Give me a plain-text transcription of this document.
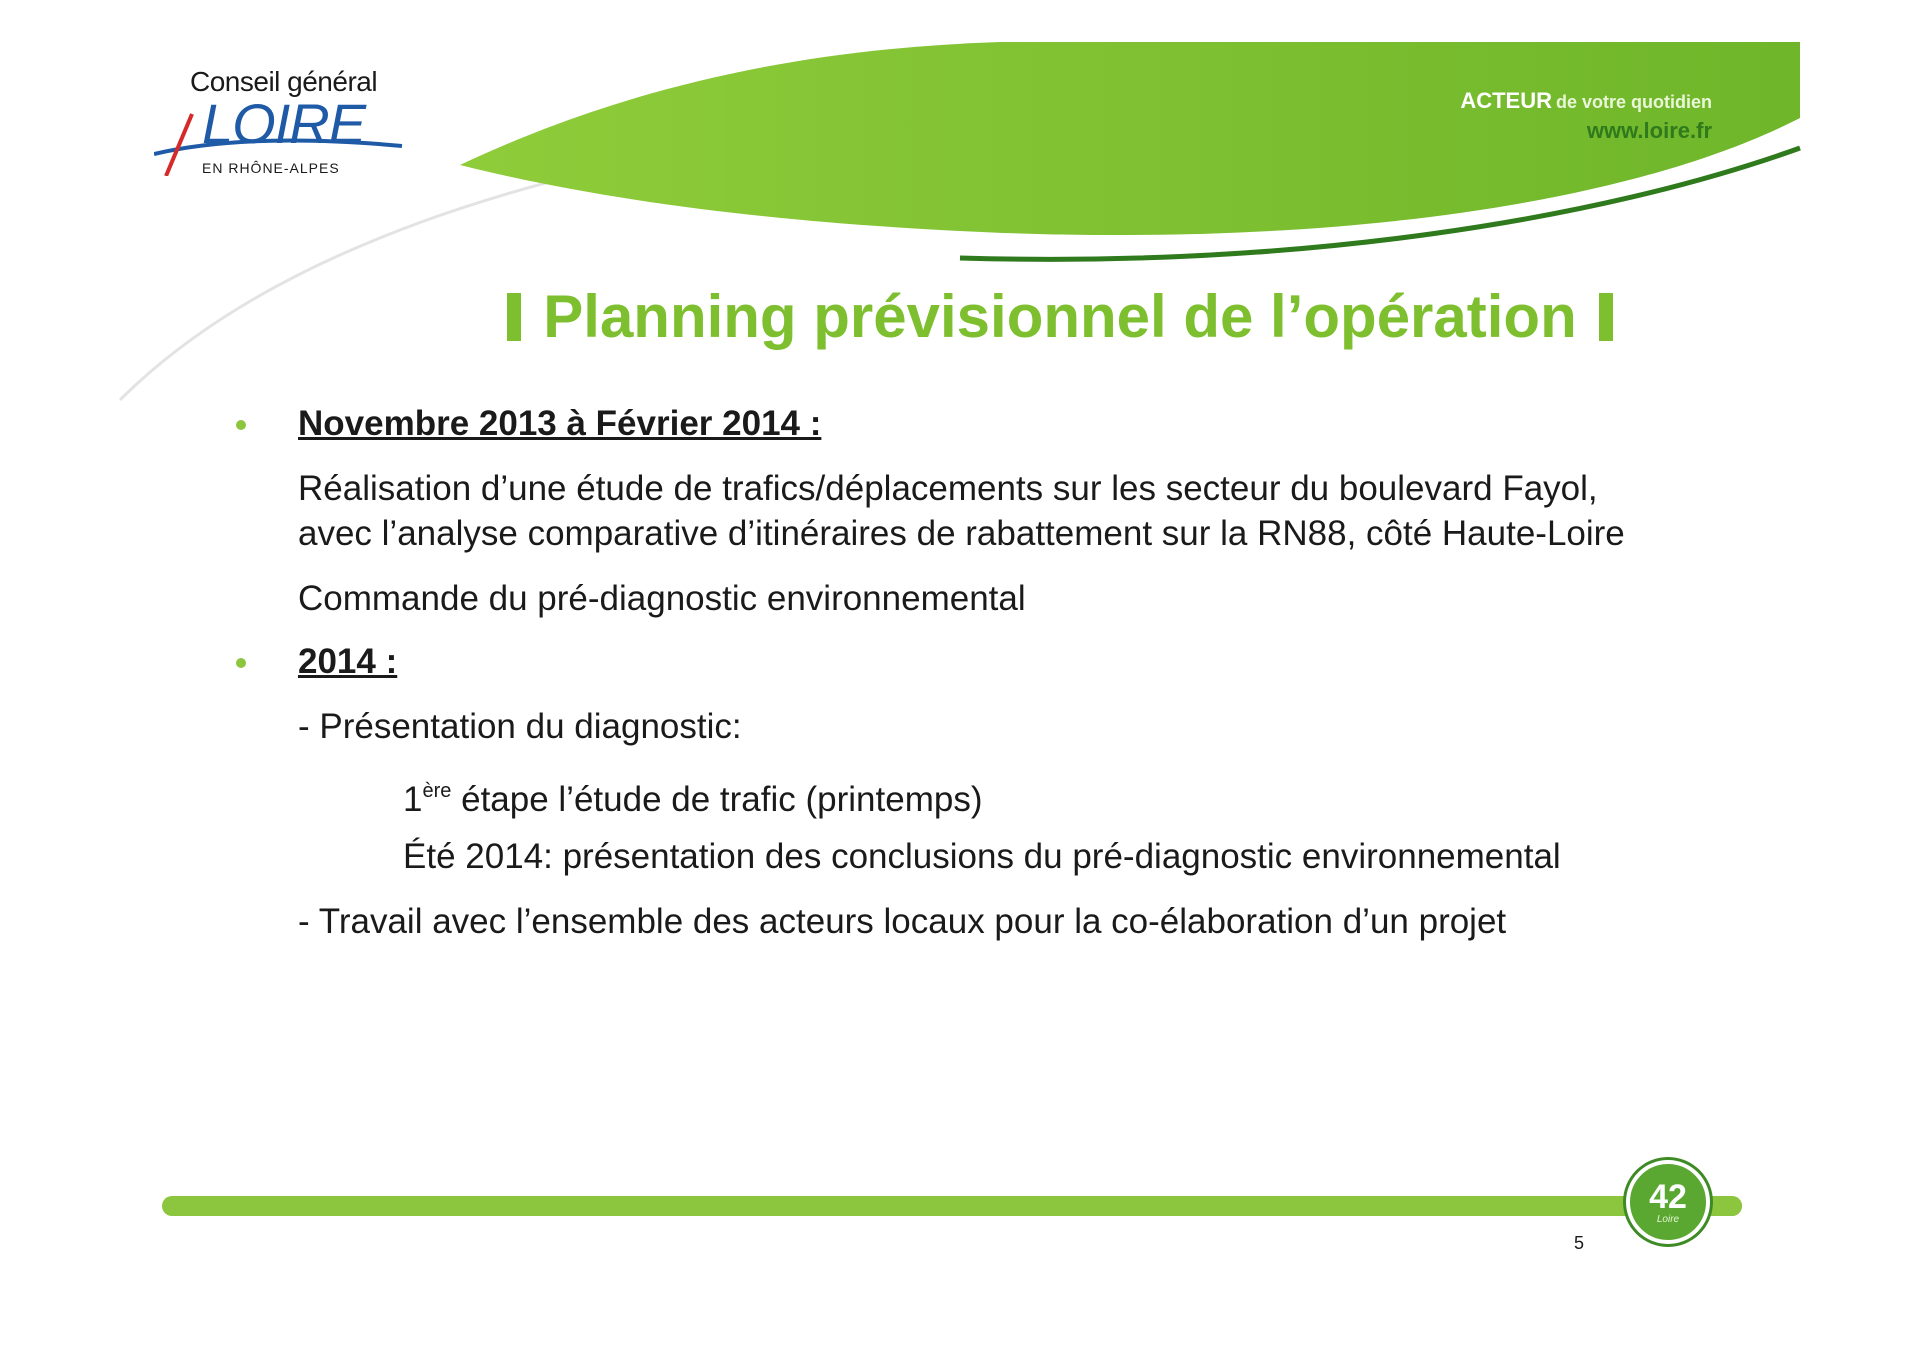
Conseil général
LOIRE
EN RHÔNE-ALPES
ACTEUR de votre quotidien
www.loire.fr
Planning prévisionnel de l’opération
Novembre 2013 à Février 2014 :
Réalisation d’une étude de trafics/déplacements sur les secteur du boulevard Fayol,
avec l’analyse comparative d’itinéraires de rabattement sur la RN88, côté Haute-Loire
Commande du pré-diagnostic environnemental
2014 :
- Présentation du diagnostic:
1ère étape l’étude de trafic (printemps)
Été 2014: présentation des conclusions du pré-diagnostic environnemental
- Travail avec l’ensemble des acteurs locaux pour la co-élaboration d’un projet
42
Loire
5
